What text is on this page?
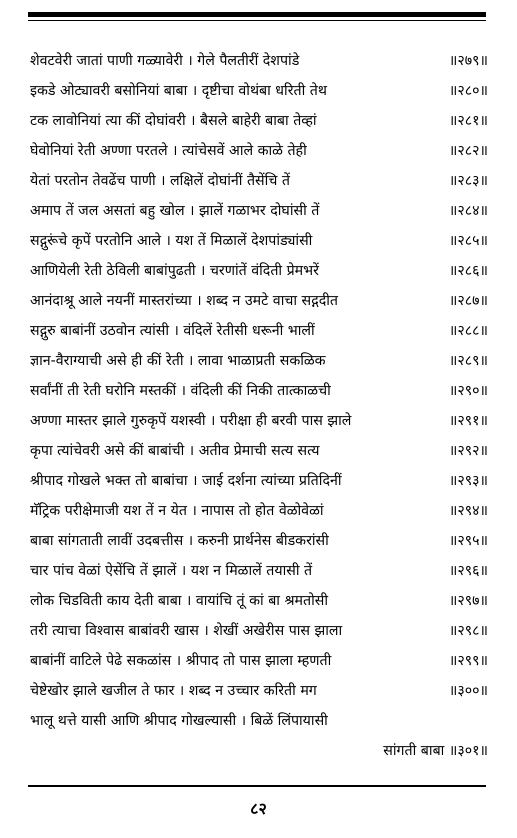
शेवटवेरी जातां पाणी गळ्यावेरी । गेले पैलतीरीं देशपांडे	॥२७९॥
इकडे ओट्यावरी बसोनियां बाबा । दृष्टीचा वोथंबा धरिती तेथ	॥२८०॥
टक लावोनियां त्या कीं दोघांवरी । बैसले बाहेरी बाबा तेव्हां	॥२८१॥
घेवोनियां रेती अण्णा परतले । त्यांचेसवें आले काळे तेही	॥२८२॥
येतां परतोन तेवढेंच पाणी । लक्षिलें दोघांनीं तैसेंचि तें	॥२८३॥
अमाप तें जल असतां बहु खोल । झालें गळाभर दोघांसी तें	॥२८४॥
सद्गुरूंचे कृपें परतोनि आले । यश तें मिळालें देशपांड्यांसी	॥२८५॥
आणियेली रेती ठेविली बाबांपुढती । चरणांतें वंदिती प्रेमभरें	॥२८६॥
आनंदाश्रू आले नयनीं मास्तरांच्या । शब्द न उमटे वाचा सद्गदीत	॥२८७॥
सद्गुरु बाबांनीं उठवोन त्यांसी । वंदिलें रेतीसी धरूनी भालीं	॥२८८॥
ज्ञान-वैराग्याची असे ही कीं रेती । लावा भाळाप्रती सकळिक	॥२८९॥
सर्वांनीं ती रेती घरोनि मस्तकीं । वंदिली कीं निकी तात्काळची	॥२९०॥
अण्णा मास्तर झाले गुरुकृपें यशस्वी । परीक्षा ही बरवी पास झाले	॥२९१॥
कृपा त्यांचेवरी असे कीं बाबांची । अतीव प्रेमाची सत्य सत्य	॥२९२॥
श्रीपाद गोखले भक्त तो बाबांचा । जाई दर्शना त्यांच्या प्रतिदिनीं	॥२९३॥
मॅट्रिक परीक्षेमाजी यश तें न येत । नापास तो होत वेळोवेळां	॥२९४॥
बाबा सांगताती लावीं उदबत्तीस । करुनी प्रार्थनेस बीडकरांसी	॥२९५॥
चार पांच वेळां ऐसेंचि तें झालें । यश न मिळालें तयासी तें	॥२९६॥
लोक चिडविती काय देती बाबा । वायांचि तूं कां बा श्रमतोसी	॥२९७॥
तरी त्याचा विश्वास बाबांवरी खास । शेखीं अखेरीस पास झाला	॥२९८॥
बाबांनीं वाटिले पेढे सकळांस । श्रीपाद तो पास झाला म्हणती	॥२९९॥
चेष्टेखोर झाले खजील ते फार । शब्द न उच्चार करिती मग	॥३००॥
भालू थत्ते यासी आणि श्रीपाद गोखल्यासी । बिळें लिंपायासी
सांगती बाबा ॥३०१॥
८२
